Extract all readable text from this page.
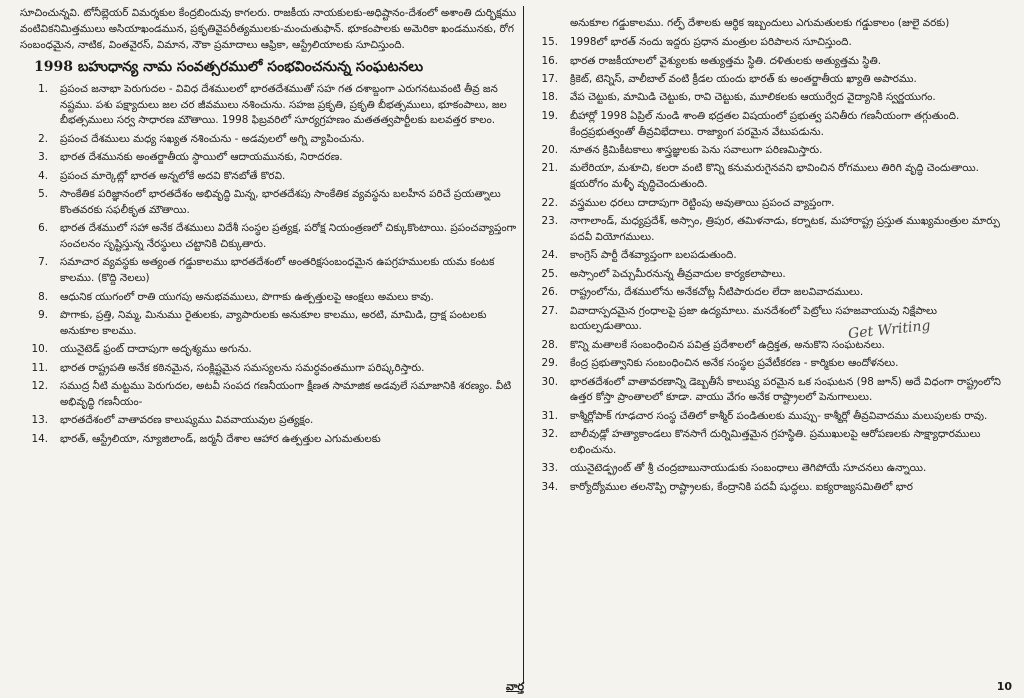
సూచించున్నవి. టోనీబ్లెయర్ విమర్శకుల కేంద్రబిందువు కాగలరు. రాజకీయ నాయకులకు-అధిష్టానం-దేశంలో అశాంతి దుర్భిక్షము వంటివికనిమిత్తములు అసియాఖండమున, ప్రకృతివైపరీత్యములకు-మంచుతుఫాన్. భూకంపాలకు అమెరికా ఖండమునకు, రోగ సంబంధమైన, నాటిక, వింతవైరస్, విమాన, నౌకా ప్రమాదాలు ఆఫ్రికా, ఆస్ట్రేలియాలకు సూచిస్తుంది.

1998 బహుధాన్య నామ సంవత్సరములో సంభవించనున్న సంఘటనలు
1.	ప్రపంచ జనాభా పెరుగుదల - వివిధ దేశములలో భారతదేశముతో సహ గత దశాబ్దంగా ఎరుగనటువంటి తీవ్ర జన నష్టము. పశు పక్ష్యాదులు జల చర జీవములు నశించును. సహజ ప్రకృతి, ప్రకృతి బీభత్సములు, భూకంపాలు, జల బీభత్సములు సర్వ సాధారణ మౌతాయి. 1998 ఫిబ్రవరిలో సూర్యగ్రహణం మతతత్వపార్టీలకు బలవత్తర కాలం.
2.	ప్రపంచ దేశములు మధ్య సఖ్యత నశించును - అడవులలో అగ్ని వ్యాపించును.
3.	భారత దేశమునకు అంతర్జాతీయ స్థాయిలో ఆదాయమునకు, నిరాదరణ.
4.	ప్రపంచ మార్కెట్లో భారత అన్నలోకే అదవి కొనబోతే కొరవి.
5.	సాంకేతిక పరిజ్ఞానంలో భారతదేశం అభివృద్ధి మిన్న, భారతదేశపు సాంకేతిక వ్యవస్థను బలహీన పరిచే ప్రయత్నాలు కొంతవరకు సఫలీకృత మౌతాయి.
6.	భారత దేశములో సహా అనేక దేశములు విదేశీ సంస్థల ప్రత్యక్ష, పరోక్ష నియంత్రణలో చిక్కుకొంటాయి. ప్రపంచవ్యాప్తంగా సంచలనం సృష్టిస్తున్న నేరస్థులు చట్టానికి చిక్కుతారు.
7.	సమాచార వ్యవస్థకు అత్యంత గడ్డుకాలము భారతదేశంలో అంతరిక్షసంబంధమైన ఉపగ్రహములకు యమ కంటక కాలము. (కొద్ది నెలలు)
8.	ఆధునిక యుగంలో రాతి యుగపు అనుభవములు, పొగాకు ఉత్పత్తులపై ఆంక్షలు అమలు కావు.
9.	పొగాకు, ప్రత్తి, నిమ్మ, మినుము రైతులకు, వ్యాపారులకు అనుకూల కాలము, అరటి, మామిడి, ద్రాక్ష పంటలకు అనుకూల కాలము.
10.	యునైటెడ్ ఫ్రంట్ దాదాపుగా అదృశ్యము అగును.
11.	భారత రాష్ట్రపతి అనేక కఠినమైన, సంక్లిష్టమైన సమస్యలను సమర్ధవంతముగా పరిష్కరిస్తారు.
12.	సముద్ర నీటి మట్టము పెరుగుదల, అటవీ సంపద గణనీయంగా క్షీణత సామాజిక అడవులే సమాజానికి శరణ్యం. వీటి అభివృద్ధి గణనీయం-
13.	భారతదేశంలో వాతావరణ కాలుష్యము వివవాయువుల ప్రత్యక్షం.
14.	భారత్, ఆస్ట్రేలియా, న్యూజిలాండ్, జర్మనీ దేశాల ఆహార ఉత్పత్తుల ఎగుమతులకు

అనుకూల గడ్డుకాలము. గల్ఫ్ దేశాలకు ఆర్థిక ఇబ్బందులు ఎగుమతులకు గడ్డుకాలం (జులై వరకు)

15.	1998లో భారత్ నందు ఇద్దరు ప్రధాన మంత్రుల పరిపాలన సూచిస్తుంది.
16.	భారత రాజకీయాలలో వైశ్యులకు అత్యుత్తమ స్థితి. దళితులకు అత్యుత్తమ స్థితి.
17.	క్రికెట్, టెన్నిస్, వాలీబాల్ వంటి క్రీడల యందు భారత్ కు అంతర్జాతీయ ఖ్యాతి అపారము.
18.	వేప చెట్టుకు, మామిడి చెట్టుకు, రావి చెట్టుకు, మూలికలకు ఆయుర్వేద వైద్యానికి స్వర్ణయుగం.
19.	బీహార్లో 1998 ఏప్రిల్ నుండి శాంతి భద్రతల విషయంలో ప్రభుత్వ పనితీరు గణనీయంగా తగ్గుతుంది. కేంద్రప్రభుత్వంతో తీవ్రవిభేదాలు. రాజ్యాంగ పరమైన వేటుపడును.
20.	నూతన క్రిమికీటకాలు శాస్త్రజ్ఞులకు పెను సవాలుగా పరిణమిస్తారు.
21.	మలేరియా, మశూచి, కలరా వంటి కొన్ని కనుమరుగైనవని భావించిన రోగములు తిరిగి వృద్ధి చెందుతాయి. క్షయరోగం మళ్ళీ వృద్ధిచెందుతుంది.
22.	వస్త్రముల ధరలు దాదాపుగా రెట్టింపు అవుతాయి ప్రపంచ వ్యాప్తంగా.
23.	నాగాలాండ్, మధ్యప్రదేశ్, అస్సాం, త్రిపుర, తమిళనాడు, కర్నాటక, మహారాష్ట్ర ప్రస్తుత ముఖ్యమంత్రుల మార్పు పదవీ వియోగములు.
24.	కాంగ్రెస్ పార్టీ దేశవ్యాప్తంగా బలపడుతుంది.
25.	అస్సాంలో పెచ్చుమీరనున్న తీవ్రవాదుల కార్యకలాపాలు.
26.	రాష్ట్రంలోను, దేశములోను అనేకచోట్ల నీటిపారుదల లేదా జలవివాదములు.
27.	వివాదాస్పదమైన గ్రంధాలపై ప్రజా ఉద్యమాలు. మనదేశంలో పెట్రోలు సహజవాయువు నిక్షేపాలు బయల్పడుతాయి.
28.	కొన్ని మతాలకే సంబంధించిన పవిత్ర ప్రదేశాలలో ఉద్రిక్తత, అనుకొని సంఘటనలు.
29.	కేంద్ర ప్రభుత్వానికు సంబంధించిన అనేక సంస్థల ప్రవేటీకరణ - కార్మికుల ఆందోళనలు.
30.	భారతదేశంలో వాతావరణాన్ని డెబ్బతీసే కాలుష్య పరమైన ఒక సంఘటన (98 జూన్) అదే విధంగా రాష్ట్రంలోని ఉత్తర కోస్తా ప్రాంతాలలో కూడా. వాయు వేగం అనేక రాష్ట్రాలలో పెనుగాలులు.
31.	కాశ్మీర్లోపాక్ గూఢచార సంస్థ చేతిలో కాశ్మీర్ పండితులకు ముప్పు- కాశ్మీర్లో తీవ్రవివాదము మలుపులకు రావు.
32.	బాలీవుడ్లో హత్యాకాండలు కొనసాగే దుర్నిమిత్తమైన గ్రహస్థితి. ప్రముఖులపై ఆరోపణలకు సాక్ష్యాధారములు లభించును.
33.	యునైటెడ్ఫ్రంట్ తో శ్రీ చంద్రబాబునాయుడుకు సంబంధాలు తెగిపోయే సూచనలు ఉన్నాయి.
34.	కార్యోద్యోముల తలనొప్పి రాష్ట్రాలకు, కేంద్రానికి పదవీ షుద్ధలు. ఐక్యరాజ్యసమితిలో భార
Get Writing
వార్త	10
